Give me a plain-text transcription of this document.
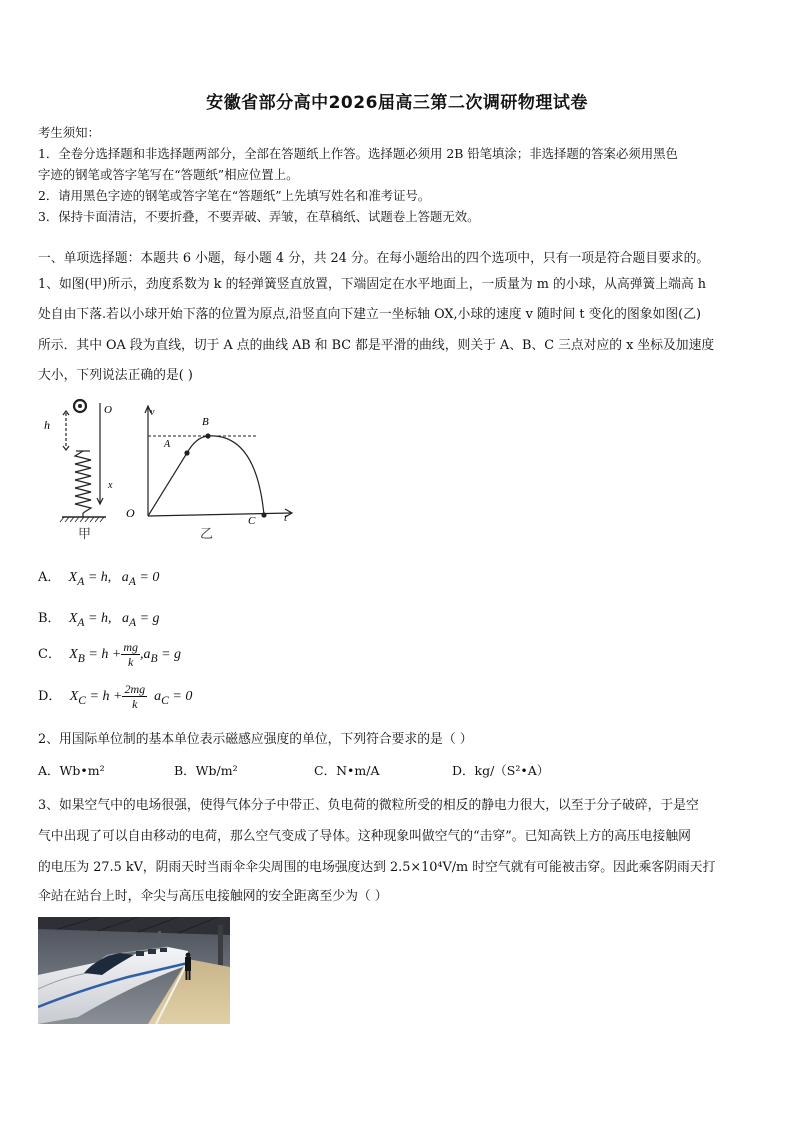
安徽省部分高中2026届高三第二次调研物理试卷
考生须知：
1．全卷分选择题和非选择题两部分，全部在答题纸上作答。选择题必须用 2B 铅笔填涂；非选择题的答案必须用黑色
字迹的钢笔或答字笔写在“答题纸”相应位置上。
2．请用黑色字迹的钢笔或答字笔在“答题纸”上先填写姓名和准考证号。
3．保持卡面清洁，不要折叠，不要弄破、弄皱，在草稿纸、试题卷上答题无效。
一、单项选择题：本题共 6 小题，每小题 4 分，共 24 分。在每小题给出的四个选项中，只有一项是符合题目要求的。
1、如图(甲)所示，劲度系数为 k 的轻弹簧竖直放置，下端固定在水平地面上，一质量为 m 的小球，从高弹簧上端高 h
处自由下落.若以小球开始下落的位置为原点,沿竖直向下建立一坐标轴 OX,小球的速度 v 随时间 t 变化的图象如图(乙)
所示．其中 OA 段为直线，切于 A 点的曲线 AB 和 BC 都是平滑的曲线，则关于 A、B、C 三点对应的 x 坐标及加速度
大小，下列说法正确的是( )
h
O
x
甲
v
B
A
O
C	t
乙
A． $X_A = h$, $a_A = 0$
B． $X_A = h$, $a_A = g$
C． $X_B = h + \frac{mg}{k} ,a_B = g$
D． $X_C = h + \frac{2mg}{k} a_C = 0$
2、用国际单位制的基本单位表示磁感应强度的单位，下列符合要求的是（ ）
A．Wb•m²	B．Wb/m²	C．N•m/A	D．kg/（S²•A）
3、如果空气中的电场很强，使得气体分子中带正、负电荷的微粒所受的相反的静电力很大，以至于分子破碎，于是空
气中出现了可以自由移动的电荷，那么空气变成了导体。这种现象叫做空气的“击穿”。已知高铁上方的高压电接触网
的电压为 27.5 kV，阴雨天时当雨伞伞尖周围的电场强度达到 2.5×10⁴V/m 时空气就有可能被击穿。因此乘客阴雨天打
伞站在站台上时，伞尖与高压电接触网的安全距离至少为（ ）
